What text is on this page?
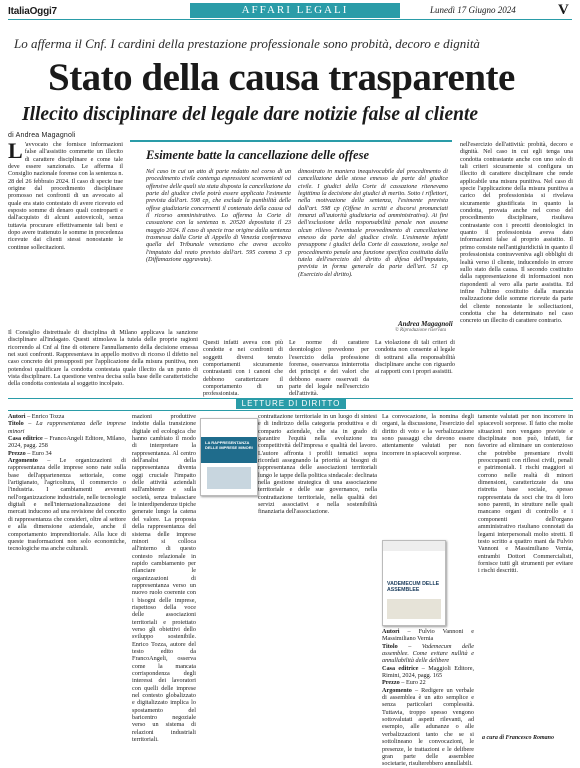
ItaliaOggi7	AFFARI LEGALI	Lunedì 17 Giugno 2024	V
Lo afferma il Cnf. I cardini della prestazione professionale sono probità, decoro e dignità
Stato della causa trasparente
Illecito disciplinare del legale dare notizie false al cliente
di Andrea Magagnoli
L 'avvocato che fornisce informazioni false all'assistito commette un illecito di carattere disciplinare e come tale deve essere sanzionato. Le afferma il Consiglio nazionale forense con la sentenza n. 28 del 26 febbraio 2024. Il caso di specie trae origine dal procedimento disciplinare promosso nei confronti di un avvocato al quale era stato contestato di avere ricevuto ed esposto somme di denaro quali controparti e dall'acquisto di alcuni autoveicoli, senza tuttavia procurare effettivamente tali beni e dopo avere trattenuto le somme in precedenza ricevute dai clienti stessi nonostante le continue sollecitazioni.

Il Consiglio distrettuale di disciplina di Milano applicava la sanzione disciplinare all'indagato. Questi stimolava la tutela delle proprie ragioni ricorrendo al Cnf al fine di ottenere l'annullamento della decisione emessa nei suoi confronti. Rappresentava in appello motivo di ricorso il difetto nel caso concreto dei presupposti per l'applicazione della misura punitiva, non potendosi qualificare la condotta contestata quale illecito da un punto di vista disciplinare. La questione veniva decisa sulla base delle caratteristiche della condotta contestata al soggetto incolpato.

Questi infatti aveva con più condotte e nei confronti di soggetti diversi tenuto comportamenti sicuramente contrastanti con i canoni che debbono caratterizzare il comportamento di un professionista.

Le norme di carattere deontologico prevedono per l'esercizio della professione forense, osservanza ininterrotta dei principi e dei valori che debbono essere osservati da parte del legale nell'esercizio dell'attività.

La violazione di tali criteri di condotta non consente al legale di sottrarsi alla responsabilità disciplinare anche con riguardo ai rapporti con i propri assistiti.

nell'esercizio dell'attività: probità, decoro e dignità. Nel caso in cui egli tenga una condotta contrastante anche con uno solo di tali criteri sicuramente si configura un illecito di carattere disciplinare che rende applicabile una misura punitiva. Nel caso di specie l'applicazione della misura punitiva a carico del professionista si rivelava sicuramente giustificata in quanto la condotta, provata anche nel corso del procedimento disciplinare, risultava contrastante con i precetti deontologici in quanto il professionista aveva dato informazioni false al proprio assistito. Il primo consiste nell'antigiuridicità in quanto il professionista contravveniva agli obblighi di lealtà verso il cliente, inducendolo in errore sullo stato della causa. Il secondo costituito dalla rappresentazione di informazioni non rispondenti al vero alla parte assistita. Ed infine l'ultimo costituito dalla mancata realizzazione delle somme ricevute da parte del cliente nonostante le sollecitazioni, condotta che ha determinato nel caso concreto un illecito di carattere contrario.

Esimente batte la cancellazione delle offese

Nel caso in cui un atto di parte redatto nel corso di un procedimento civile contenga espressioni sconvenienti od offensive delle quali sia stata disposta la cancellazione da parte del giudice civile potrà essere applicata l'esimente prevista dall'art. 598 cp, che esclude la punibilità delle offese giudiziarie concernenti il contenuto della causa od il ricorso amministrativo. Lo afferma la Corte di cassazione con la sentenza n. 20520 depositata il 23 maggio 2024. Il caso di specie trae origine dalla sentenza trasmessa dalla Corte di Appello di Venezia confermava quella del Tribunale veneziano che aveva accolto l'imputato dal reato previsto dall'art. 595 comma 3 cp (Diffamazione aggravata).

dimostrato in maniera inequivocabile dal procedimento di cancellazione delle stesse emesso da parte del giudice civile. I giudici della Corte di cassazione ritenevano legittima la decisione dei giudici di merito. Sotto i riflettori, nella motivazione della sentenza, l'esimente prevista dall'art. 598 cp (Offese in scritti e discorsi pronunciati innanzi all'autorità giudiziaria od amministrativa). Ai fini dell'esclusione della responsabilità penale non assume alcun rilievo l'eventuale provvedimento di cancellazione emesso da parte del giudice civile. L'esimente infatti presuppone i giudici della Corte di cassazione, svolge nel procedimento penale una funzione specifica costituita dalla tutela dell'esercizio del diritto di difesa dell'imputato, prevista in forma generale da parte dell'art. 51 cp (Esercizio del diritto).

Andrea Magagnoli
© Riproduzione riservata
LETTURE DI DIRITTO
Autori – Enrico Tozza
Titolo – La rappresentanza delle imprese minori
Casa editrice – FrancoAngeli Editore, Milano, 2024, pagg. 258
Prezzo – Euro 34
Argomento – Le organizzazioni di rappresentanza delle imprese sono nate sulla base dell'appartenenza settoriale, come l'artigianato, l'agricoltura, il commercio o l'industria. I cambiamenti avvenuti nell'organizzazione industriale, nelle tecnologie digitali e nell'internazionalizzazione dei mercati inducono ad una revisione del concetto di rappresentanza che consideri, oltre al settore e alla dimensione aziendale, anche il comportamento imprenditoriale. Alla luce di queste trasformazioni non solo economiche, tecnologiche ma anche culturali.
LA RAPPRESENTANZA DELLE IMPRESE MINORI

mazioni produttive indotte dalla transizione digitale ed ecologica che hanno cambiato il modo di interpretare la rappresentanza. Al centro dell'analisi della rappresentanza diventa oggi cruciale l'impatto delle attività aziendali sull'ambiente e sulla società, senza tralasciare le interdipendenze tipiche generate lungo la catena del valore. La proposta della rappresentanza del sistema delle imprese minori si colloca all'interno di questo contesto relazionale in rapido cambiamento per rilanciare le organizzazioni di rappresentanza verso un nuovo ruolo coerente con i bisogni delle imprese, rispettoso della voce delle associazioni territoriali e proiettato verso gli obiettivi dello sviluppo sostenibile. Enrico Tozza, autore del testo edito da FrancoAngeli, osserva come la mancata corrispondenza degli interessi dei lavoratori con quelli delle imprese nel contesto globalizzato e digitalizzato implica lo spostamento del baricentro negoziale verso un sistema di relazioni industriali territoriali.

contrattazione territoriale in un luogo di sintesi e di indirizzo della categoria produttiva e di comparto aziendale, che sia in grado di garantire l'equità nella evoluzione tra competitività dell'impresa e qualità del lavoro. L'autore affronta i profili tematici sopra ricordati assegnando la priorità ai bisogni di rappresentanza delle associazioni territoriali lungo le tappe della politica sindacale: declinata nella gestione strategica di una associazione territoriale e delle sue governance, nella contrattazione territoriale, nella qualità dei servizi associativi e nella sostenibilità finanziaria dell'associazione.

La convocazione, la nomina degli organi, la discussione, l'esercizio del diritto di voto e la verbalizzazione sono passaggi che devono essere attentamente valutati per non incorrere in spiacevoli sorprese.

VADEMECUM DELLE ASSEMBLEE
Autori – Fulvio Vannoni e Massimiliano Vernia
Titolo – Vademecum delle assemblee. Come evitare nullità e annullabilità delle delibere
Casa editrice – Maggioli Editore, Rimini, 2024, pagg. 165
Prezzo – Euro 22
Argomento – Redigere un verbale di assemblea è un atto semplice e senza particolari complessità. Tuttavia, troppo spesso vengono sottovalutati aspetti rilevanti, ad esempio, alle adunanze o alle verbalizzazioni tanto che se si sottolineano le convocazioni, le presenze, le trattazioni e le delibere gran parte delle assemblee societarie, risulterebbero annullabili.

tamente valutati per non incorrere in spiacevoli sorprese. Il fatto che molte situazioni non vengano previste e disciplinate non può, infatti, far favorire ad eliminare un contenzioso che potrebbe presentare rivolti preoccupanti con riflessi civili, penali e patrimoniali. I rischi maggiori si corrono nelle realtà di minori dimensioni, caratterizzate da una ristretta base sociale, spesso rappresentata da soci che tra di loro sono parenti, in strutture nelle quali mancano organi di controllo e i componenti dell'organo amministrativo risultano connotati da legami interpersonali molto stretti. Il testo scritto a quattro mani da Fulvio Vannoni e Massimiliano Vernia, entrambi Dottori Commercialisti, fornisce tutti gli strumenti per evitare i rischi descritti.

a cura di Francesco Romano
